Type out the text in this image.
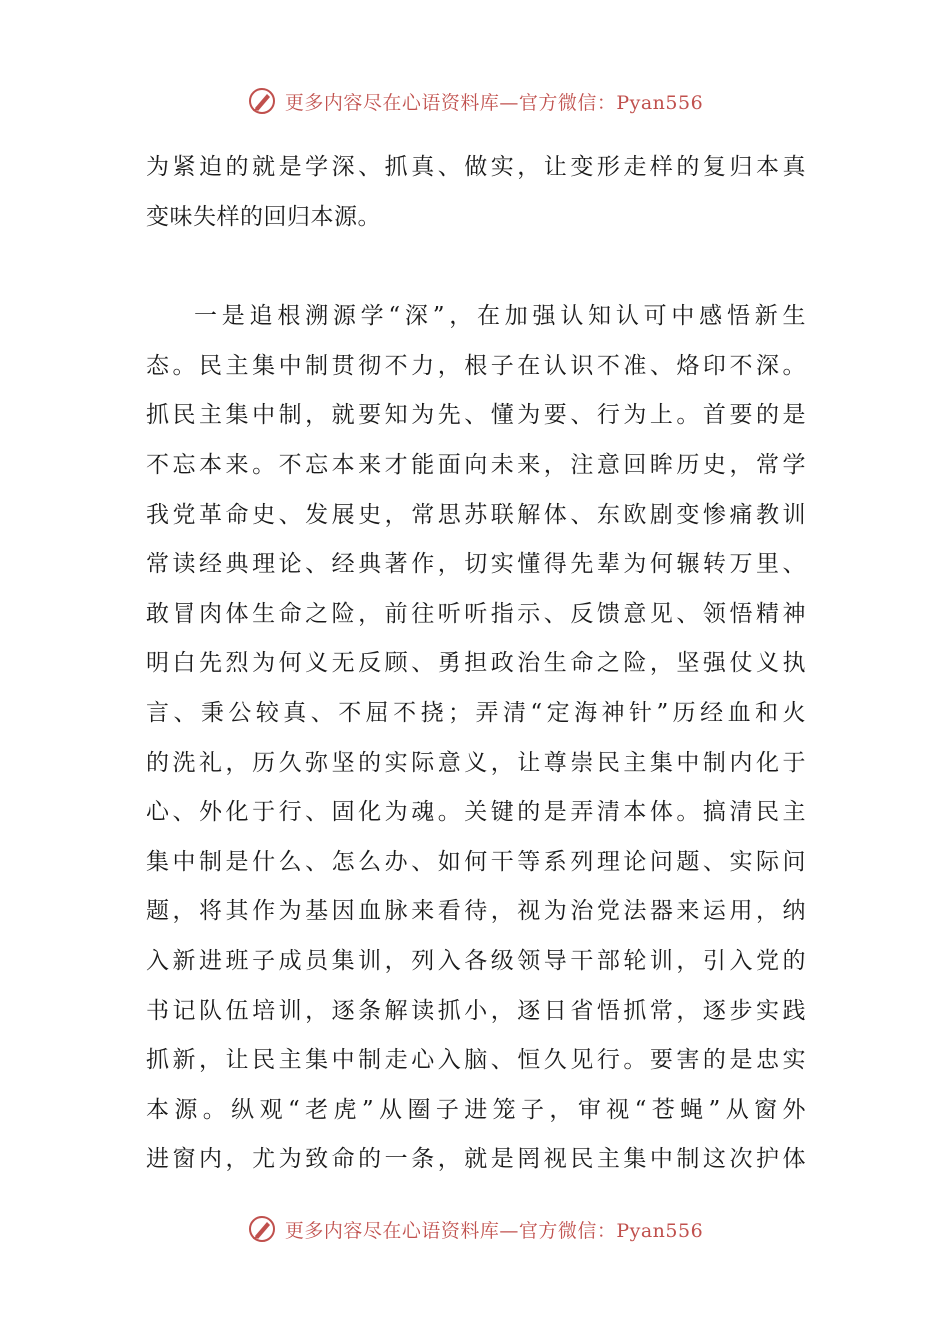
更多内容尽在心语资料库—官方微信：Pyan556
为紧迫的就是学深、抓真、做实，让变形走样的复归本真
变味失样的回归本源。
一是追根溯源学“深”，在加强认知认可中感悟新生
态。民主集中制贯彻不力，根子在认识不准、烙印不深。
抓民主集中制，就要知为先、懂为要、行为上。首要的是
不忘本来。不忘本来才能面向未来，注意回眸历史，常学
我党革命史、发展史，常思苏联解体、东欧剧变惨痛教训
常读经典理论、经典著作，切实懂得先辈为何辗转万里、
敢冒肉体生命之险，前往听听指示、反馈意见、领悟精神
明白先烈为何义无反顾、勇担政治生命之险，坚强仗义执
言、秉公较真、不屈不挠；弄清“定海神针”历经血和火
的洗礼，历久弥坚的实际意义，让尊崇民主集中制内化于
心、外化于行、固化为魂。关键的是弄清本体。搞清民主
集中制是什么、怎么办、如何干等系列理论问题、实际问
题，将其作为基因血脉来看待，视为治党法器来运用，纳
入新进班子成员集训，列入各级领导干部轮训，引入党的
书记队伍培训，逐条解读抓小，逐日省悟抓常，逐步实践
抓新，让民主集中制走心入脑、恒久见行。要害的是忠实
本源。纵观“老虎”从圈子进笼子，审视“苍蝇”从窗外
进窗内，尤为致命的一条，就是罔视民主集中制这次护体
更多内容尽在心语资料库—官方微信：Pyan556
